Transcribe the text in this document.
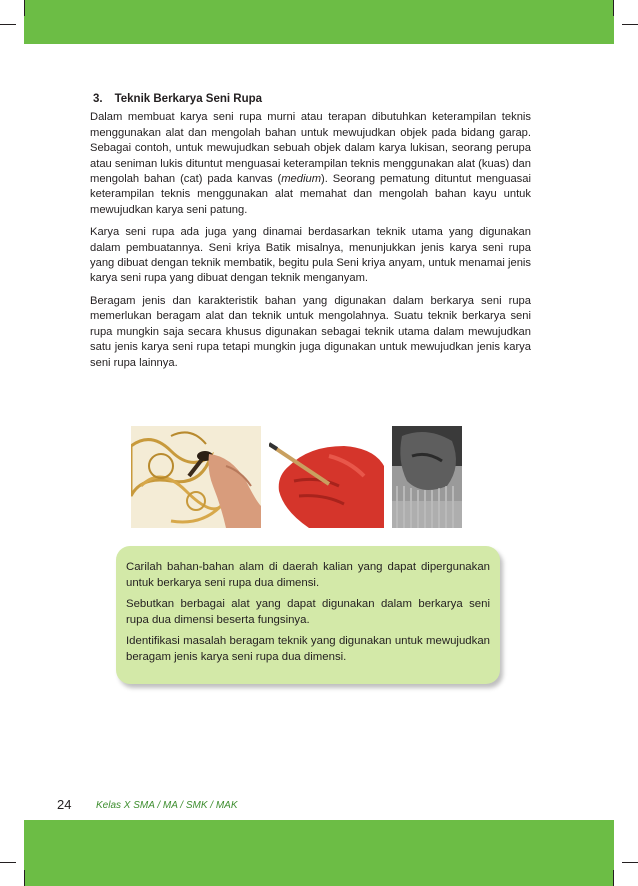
3. Teknik Berkarya Seni Rupa

Dalam membuat karya seni rupa murni atau terapan dibutuhkan keterampilan teknis menggunakan alat dan mengolah bahan untuk mewujudkan objek pada bidang garap. Sebagai contoh, untuk mewujudkan sebuah objek dalam karya lukisan, seorang perupa atau seniman lukis dituntut menguasai keterampilan teknis menggunakan alat (kuas) dan mengolah bahan (cat) pada kanvas (medium). Seorang pematung dituntut menguasai keterampilan teknis menggunakan alat memahat dan mengolah bahan kayu untuk mewujudkan karya seni patung.

Karya seni rupa ada juga yang dinamai berdasarkan teknik utama yang digunakan dalam pembuatannya. Seni kriya Batik misalnya, menunjukkan jenis karya seni rupa yang dibuat dengan teknik membatik, begitu pula Seni kriya anyam, untuk menamai jenis karya seni rupa yang dibuat dengan teknik menganyam.

Beragam jenis dan karakteristik bahan yang digunakan dalam berkarya seni rupa memerlukan beragam alat dan teknik untuk mengolahnya. Suatu teknik berkarya seni rupa mungkin saja secara khusus digunakan sebagai teknik utama dalam mewujudkan satu jenis karya seni rupa tetapi mungkin juga digunakan untuk mewujudkan jenis karya seni rupa lainnya.

Carilah bahan-bahan alam di daerah kalian yang dapat dipergunakan untuk berkarya seni rupa dua dimensi.

Sebutkan berbagai alat yang dapat digunakan dalam berkarya seni rupa dua dimensi beserta fungsinya.

Identifikasi masalah beragam teknik yang digunakan untuk mewujudkan beragam jenis karya seni rupa dua dimensi.

24 Kelas X SMA / MA / SMK / MAK
